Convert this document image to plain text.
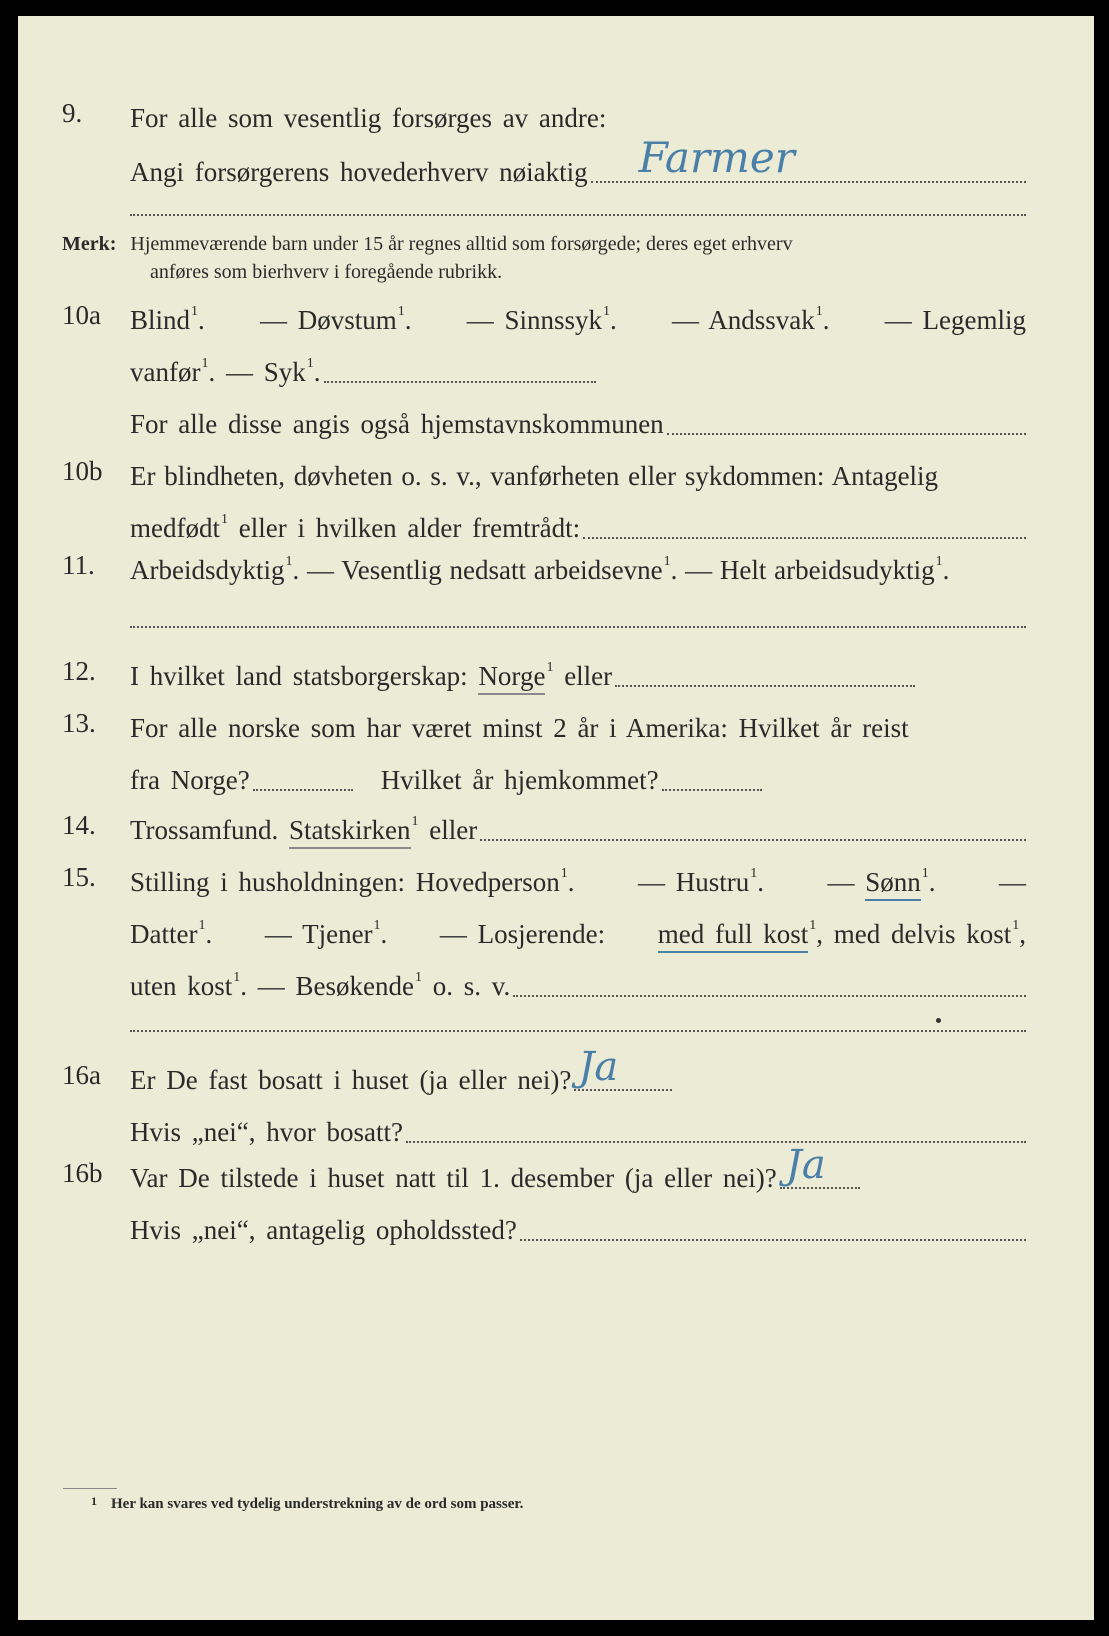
9.	For alle som vesentlig forsørges av andre:
Angi forsørgerens hovederhverv nøiaktig Farmer
Merk: Hjemmeværende barn under 15 år regnes alltid som forsørgede; deres eget erhverv
anføres som bierhverv i foregående rubrikk.
10a	Blind$^1$. — Døvstum$^1$. — Sinnssyk$^1$. — Andssvak$^1$. — Legemlig
vanfør$^1$. — Syk$^1$.
For alle disse angis også hjemstavnskommunen
10b	Er blindheten, døvheten o. s. v., vanførheten eller sykdommen: Antagelig
medfødt$^1$ eller i hvilken alder fremtrådt:
11.	Arbeidsdyktig$^1$. — Vesentlig nedsatt arbeidsevne$^1$. — Helt arbeidsudyktig$^1$.
12.	I hvilket land statsborgerskap: Norge$^1$ eller
13.	For alle norske som har været minst 2 år i Amerika: Hvilket år reist
fra Norge?	Hvilket år hjemkommet?
14.	Trossamfund. Statskirken$^1$ eller
15.	Stilling i husholdningen: Hovedperson$^1$. — Hustru$^1$. — Sønn$^1$. —
Datter$^1$. — Tjener$^1$. — Losjerende: med full kost$^1$, med delvis kost$^1$,
uten kost$^1$. — Besøkende$^1$ o. s. v.
16a	Er De fast bosatt i huset (ja eller nei)? Ja
Hvis „nei“, hvor bosatt?
16b	Var De tilstede i huset natt til 1. desember (ja eller nei)? Ja
Hvis „nei“, antagelig opholdssted?
$^1$ Her kan svares ved tydelig understrekning av de ord som passer.
